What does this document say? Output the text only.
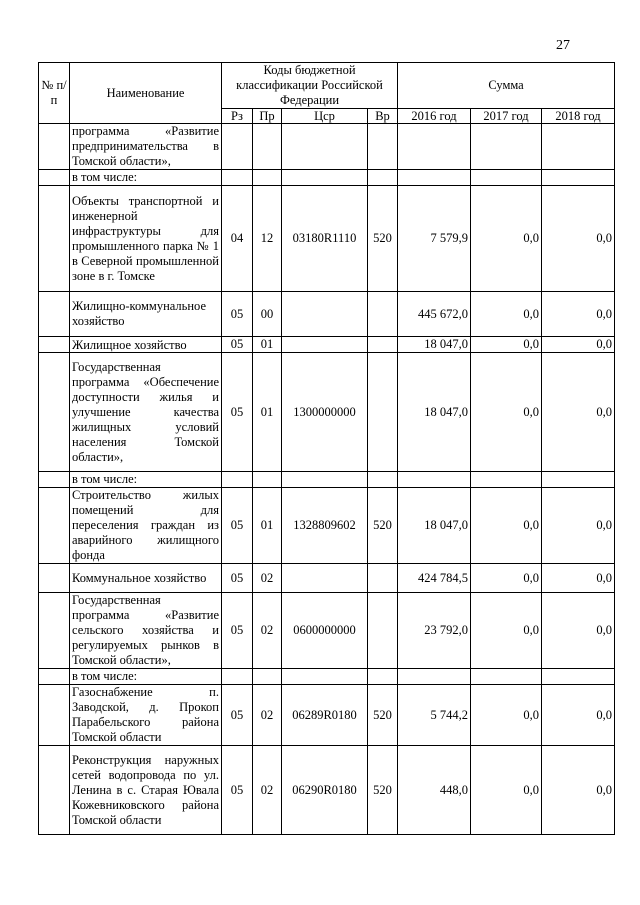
27
№ п/п	Наименование	Коды бюджетной классификации Российской Федерации				Сумма		
		Рз	Пр	Цср	Вр	2016 год	2017 год	2018 год
	программа «Развитие предпринимательства в Томской области»,							
	в том числе:							
	Объекты транспортной и инженерной инфраструктуры для промышленного парка № 1 в Северной промышленной зоне в г. Томске	04	12	03180R1110	520	7 579,9	0,0	0,0
	Жилищно-коммунальное хозяйство	05	00			445 672,0	0,0	0,0
	Жилищное хозяйство	05	01			18 047,0	0,0	0,0
	Государственная программа «Обеспечение доступности жилья и улучшение качества жилищных условий населения Томской области»,	05	01	1300000000		18 047,0	0,0	0,0
	в том числе:							
	Строительство жилых помещений для переселения граждан из аварийного жилищного фонда	05	01	1328809602	520	18 047,0	0,0	0,0
	Коммунальное хозяйство	05	02			424 784,5	0,0	0,0
	Государственная программа «Развитие сельского хозяйства и регулируемых рынков в Томской области»,	05	02	0600000000		23 792,0	0,0	0,0
	в том числе:							
	Газоснабжение п. Заводской, д. Прокоп Парабельского района Томской области	05	02	06289R0180	520	5 744,2	0,0	0,0
	Реконструкция наружных сетей водопровода по ул. Ленина в с. Старая Ювала Кожевниковского района Томской области	05	02	06290R0180	520	448,0	0,0	0,0
